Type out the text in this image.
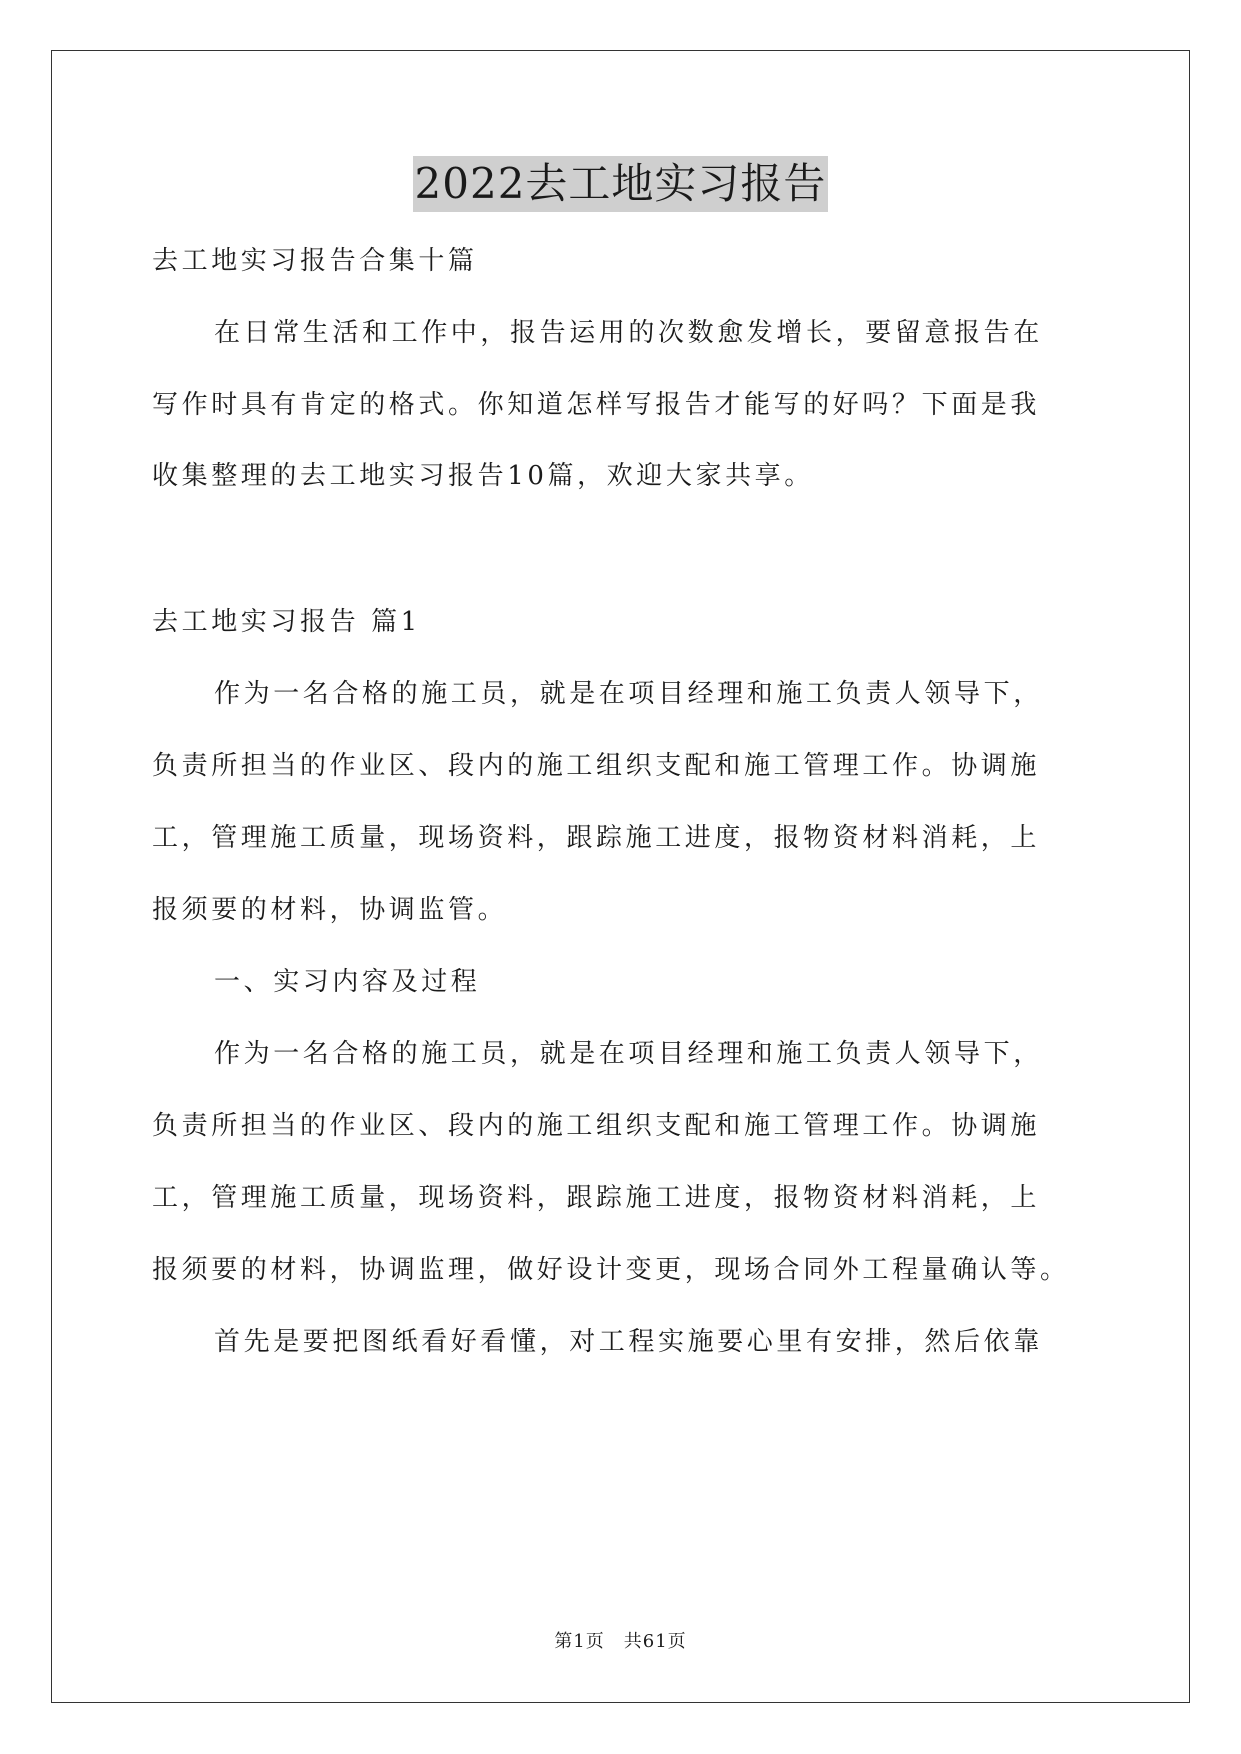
2022去工地实习报告
去工地实习报告合集十篇
在日常生活和工作中，报告运用的次数愈发增长，要留意报告在
写作时具有肯定的格式。你知道怎样写报告才能写的好吗？下面是我
收集整理的去工地实习报告10篇，欢迎大家共享。
去工地实习报告 篇1
作为一名合格的施工员，就是在项目经理和施工负责人领导下，
负责所担当的作业区、段内的施工组织支配和施工管理工作。协调施
工，管理施工质量，现场资料，跟踪施工进度，报物资材料消耗，上
报须要的材料，协调监管。
一、实习内容及过程
作为一名合格的施工员，就是在项目经理和施工负责人领导下，
负责所担当的作业区、段内的施工组织支配和施工管理工作。协调施
工，管理施工质量，现场资料，跟踪施工进度，报物资材料消耗，上
报须要的材料，协调监理，做好设计变更，现场合同外工程量确认等。
首先是要把图纸看好看懂，对工程实施要心里有安排，然后依靠
第1页　共61页
